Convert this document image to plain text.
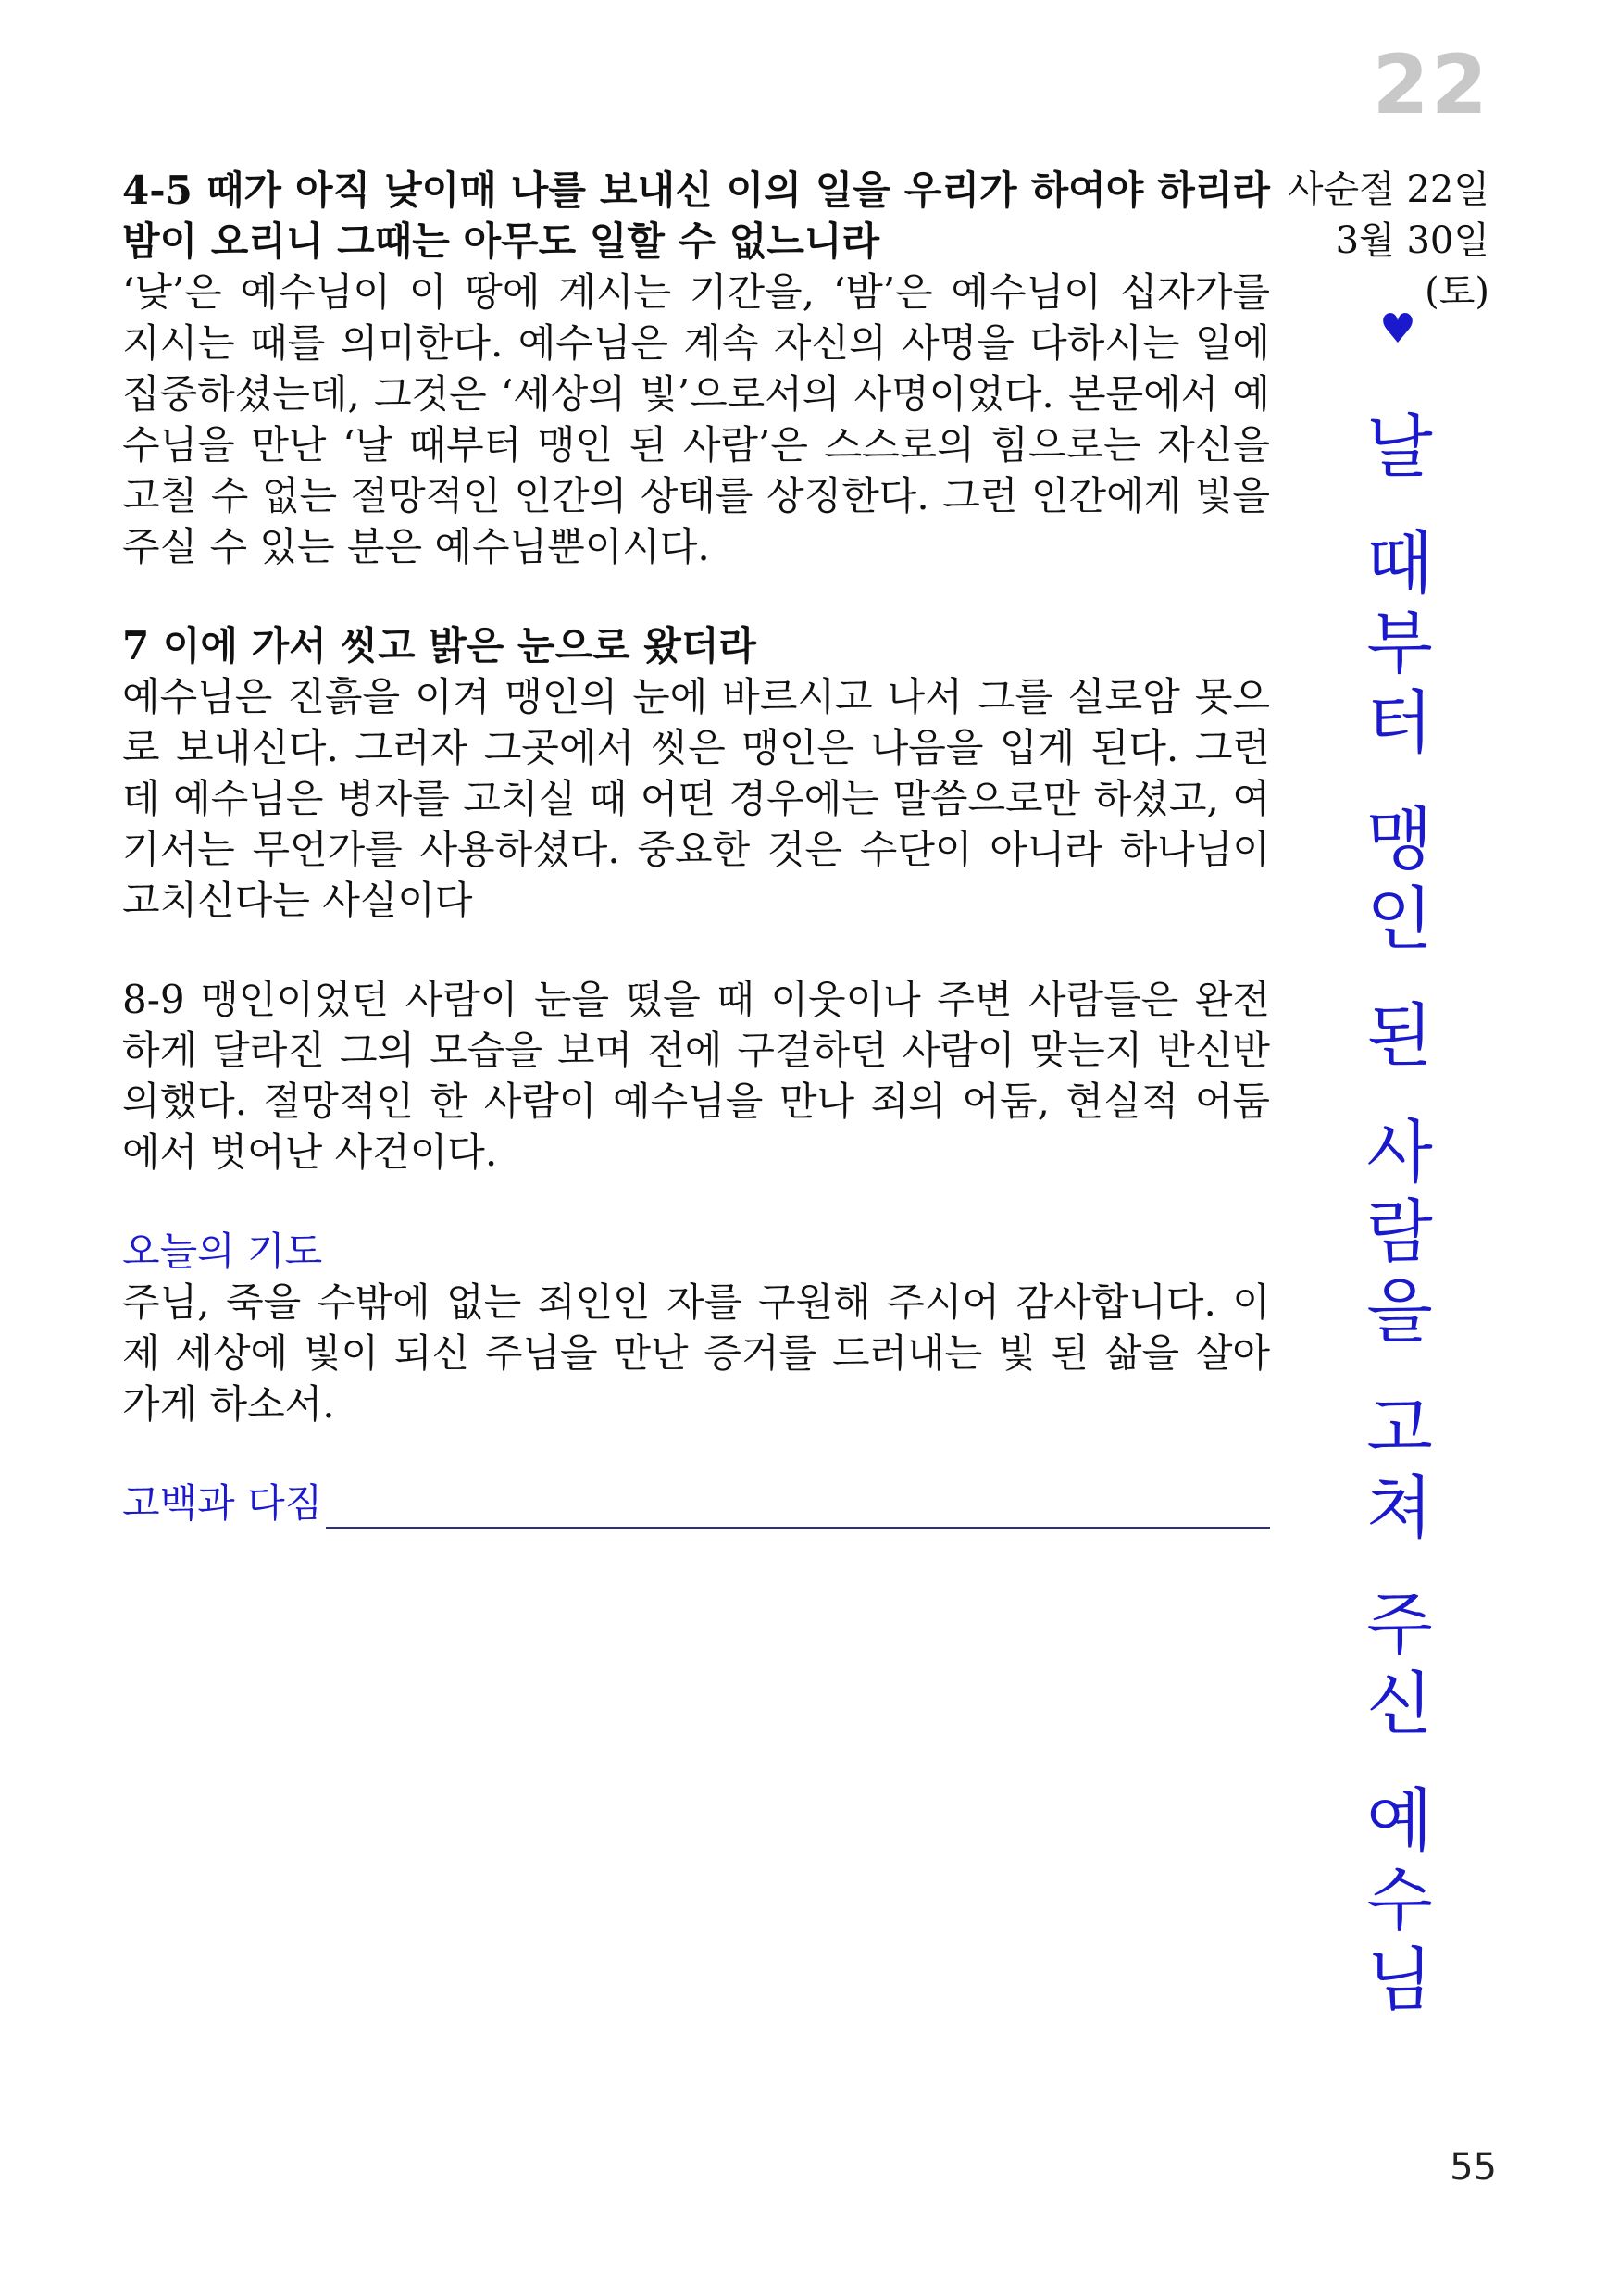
22

4-5 때가 아직 낮이매 나를 보내신 이의 일을 우리가 하여야 하리라 밤이 오리니 그때는 아무도 일할 수 없느니라

‘낮’은 예수님이 이 땅에 계시는 기간을, ‘밤’은 예수님이 십자가를 지시는 때를 의미한다. 예수님은 계속 자신의 사명을 다하시는 일에 집중하셨는데, 그것은 ‘세상의 빛’으로서의 사명이었다. 본문에서 예수님을 만난 ‘날 때부터 맹인 된 사람’은 스스로의 힘으로는 자신을 고칠 수 없는 절망적인 인간의 상태를 상징한다. 그런 인간에게 빛을 주실 수 있는 분은 예수님뿐이시다.

7 이에 가서 씻고 밝은 눈으로 왔더라

예수님은 진흙을 이겨 맹인의 눈에 바르시고 나서 그를 실로암 못으로 보내신다. 그러자 그곳에서 씻은 맹인은 나음을 입게 된다. 그런데 예수님은 병자를 고치실 때 어떤 경우에는 말씀으로만 하셨고, 여기서는 무언가를 사용하셨다. 중요한 것은 수단이 아니라 하나님이 고치신다는 사실이다

8-9 맹인이었던 사람이 눈을 떴을 때 이웃이나 주변 사람들은 완전하게 달라진 그의 모습을 보며 전에 구걸하던 사람이 맞는지 반신반의했다. 절망적인 한 사람이 예수님을 만나 죄의 어둠, 현실적 어둠에서 벗어난 사건이다.

오늘의 기도

주님, 죽을 수밖에 없는 죄인인 자를 구원해 주시어 감사합니다. 이제 세상에 빛이 되신 주님을 만난 증거를 드러내는 빛 된 삶을 살아가게 하소서.

고백과 다짐
사순절 22일
3월 30일(토)
♥
날
때
부
터
맹
인
된
사
람
을
고
쳐
주
신
예
수
님
55
